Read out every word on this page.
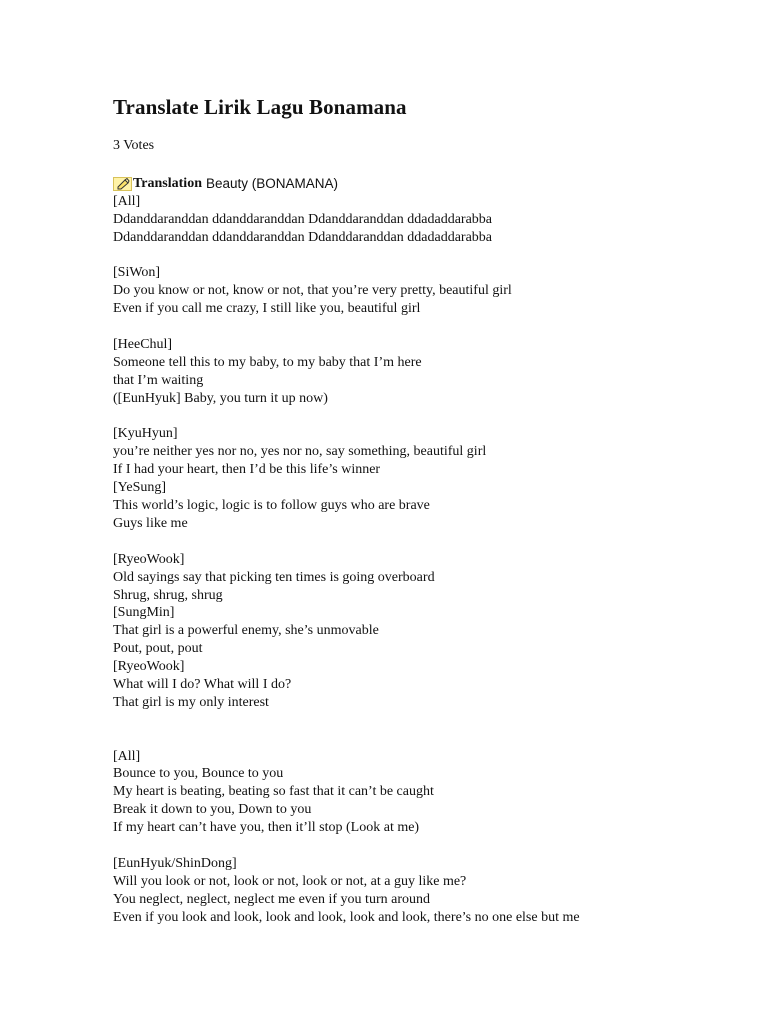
Translate Lirik Lagu Bonamana
3 Votes
Translation Beauty (BONAMANA)
[All]
Ddanddaranddan ddanddaranddan Ddanddaranddan ddadaddarabba
Ddanddaranddan ddanddaranddan Ddanddaranddan ddadaddarabba
[SiWon]
Do you know or not, know or not, that you’re very pretty, beautiful girl
Even if you call me crazy, I still like you, beautiful girl
[HeeChul]
Someone tell this to my baby, to my baby that I’m here
that I’m waiting
([EunHyuk] Baby, you turn it up now)
[KyuHyun]
you’re neither yes nor no, yes nor no, say something, beautiful girl
If I had your heart, then I’d be this life’s winner
[YeSung]
This world’s logic, logic is to follow guys who are brave
Guys like me
[RyeoWook]
Old sayings say that picking ten times is going overboard
Shrug, shrug, shrug
[SungMin]
That girl is a powerful enemy, she’s unmovable
Pout, pout, pout
[RyeoWook]
What will I do? What will I do?
That girl is my only interest
[All]
Bounce to you, Bounce to you
My heart is beating, beating so fast that it can’t be caught
Break it down to you, Down to you
If my heart can’t have you, then it’ll stop (Look at me)
[EunHyuk/ShinDong]
Will you look or not, look or not, look or not, at a guy like me?
You neglect, neglect, neglect me even if you turn around
Even if you look and look, look and look, look and look, there’s no one else but me
